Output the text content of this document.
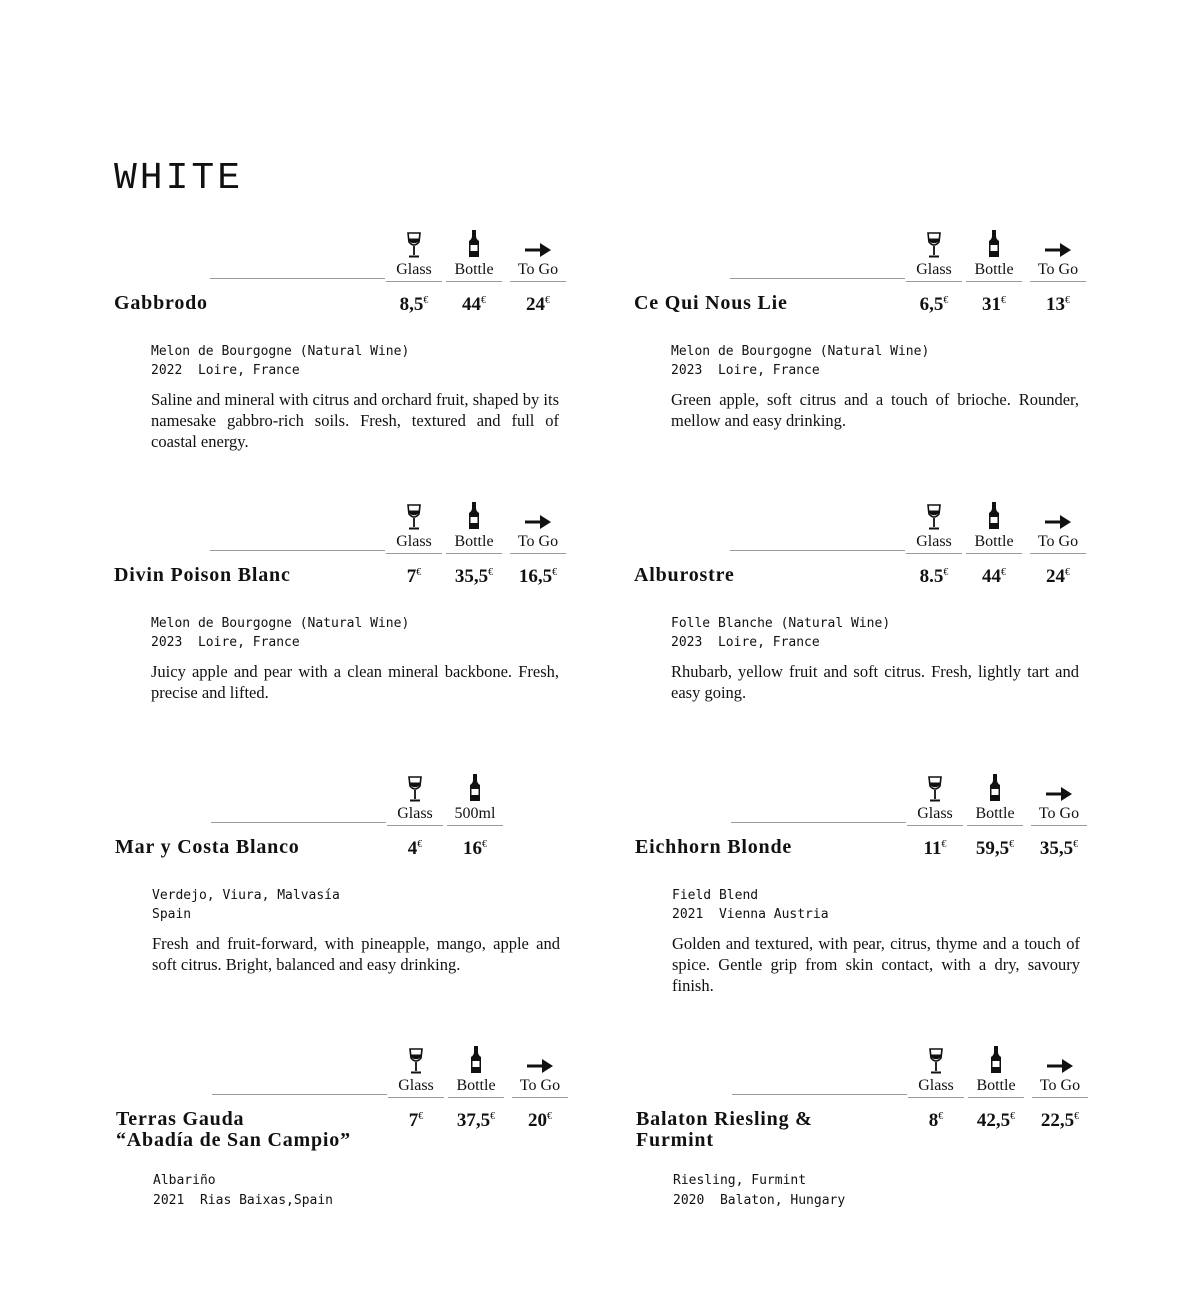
WHITE
Glass
8,5€
Bottle
44€
To Go
24€
Gabbrodo
Melon de Bourgogne (Natural Wine)
2022  Loire, France

Saline and mineral with citrus and orchard fruit, shaped by its namesake gabbro-rich soils. Fresh, textured and full of coastal energy.

Glass
6,5€
Bottle
31€
To Go
13€
Ce Qui Nous Lie
Melon de Bourgogne (Natural Wine)
2023  Loire, France

Green apple, soft citrus and a touch of brioche. Rounder, mellow and easy drinking.

Glass
7€
Bottle
35,5€
To Go
16,5€
Divin Poison Blanc
Melon de Bourgogne (Natural Wine)
2023  Loire, France

Juicy apple and pear with a clean mineral backbone. Fresh, precise and lifted.

Glass
8.5€
Bottle
44€
To Go
24€
Alburostre
Folle Blanche (Natural Wine)
2023  Loire, France

Rhubarb, yellow fruit and soft citrus. Fresh, lightly tart and easy going.

Glass
4€
500ml
16€
Mar y Costa Blanco
Verdejo, Viura, Malvasía
Spain

Fresh and fruit-forward, with pineapple, mango, apple and soft citrus. Bright, balanced and easy drinking.

Glass
11€
Bottle
59,5€
To Go
35,5€
Eichhorn Blonde
Field Blend
2021  Vienna Austria

Golden and textured, with pear, citrus, thyme and a touch of spice. Gentle grip from skin contact, with a dry, savoury finish.

Glass
7€
Bottle
37,5€
To Go
20€
Terras Gauda
“Abadía de San Campio”
Albariño
2021  Rias Baixas,Spain
Glass
8€
Bottle
42,5€
To Go
22,5€
Balaton Riesling &
Furmint
Riesling, Furmint
2020  Balaton, Hungary
